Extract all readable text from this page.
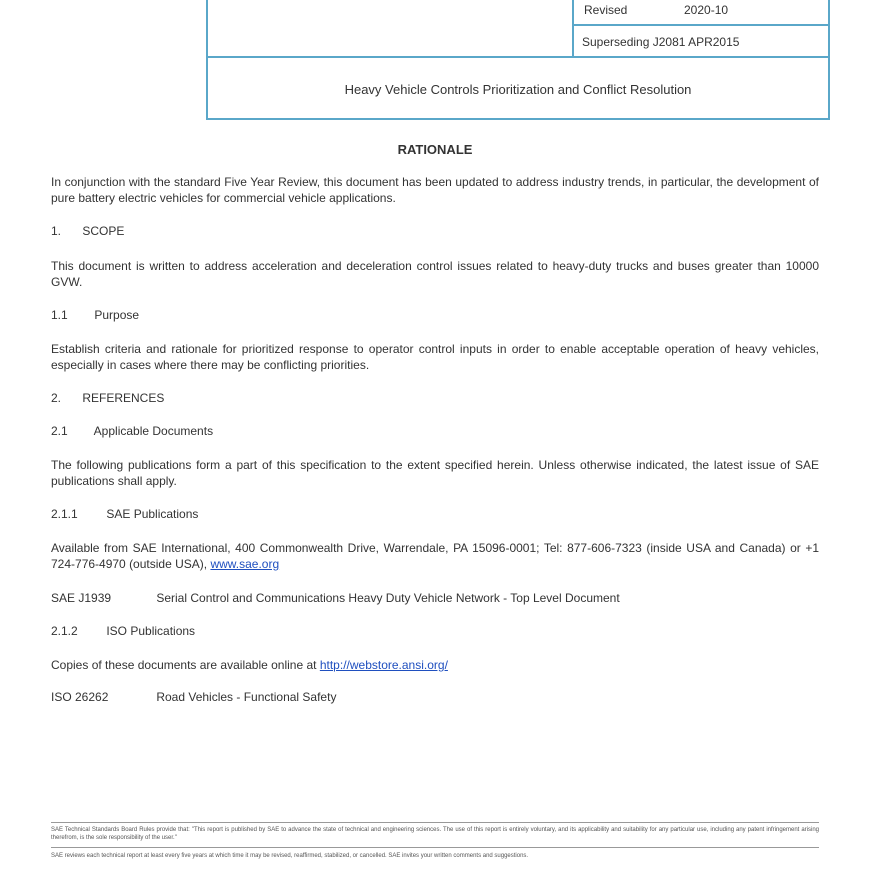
Revised	2020-10
Superseding J2081 APR2015
Heavy Vehicle Controls Prioritization and Conflict Resolution
RATIONALE
In conjunction with the standard Five Year Review, this document has been updated to address industry trends, in particular, the development of pure battery electric vehicles for commercial vehicle applications.
1. SCOPE
This document is written to address acceleration and deceleration control issues related to heavy-duty trucks and buses greater than 10000 GVW.
1.1 Purpose
Establish criteria and rationale for prioritized response to operator control inputs in order to enable acceptable operation of heavy vehicles, especially in cases where there may be conflicting priorities.
2. REFERENCES
2.1 Applicable Documents
The following publications form a part of this specification to the extent specified herein. Unless otherwise indicated, the latest issue of SAE publications shall apply.
2.1.1 SAE Publications
Available from SAE International, 400 Commonwealth Drive, Warrendale, PA 15096-0001; Tel: 877-606-7323 (inside USA and Canada) or +1 724-776-4970 (outside USA), www.sae.org
SAE J1939	Serial Control and Communications Heavy Duty Vehicle Network - Top Level Document
2.1.2 ISO Publications
Copies of these documents are available online at http://webstore.ansi.org/
ISO 26262	Road Vehicles - Functional Safety
SAE Technical Standards Board Rules provide that: "This report is published by SAE to advance the state of technical and engineering sciences. The use of this report is entirely voluntary, and its applicability and suitability for any particular use, including any patent infringement arising therefrom, is the sole responsibility of the user."
SAE reviews each technical report at least every five years at which time it may be revised, reaffirmed, stabilized, or cancelled. SAE invites your written comments and suggestions.
